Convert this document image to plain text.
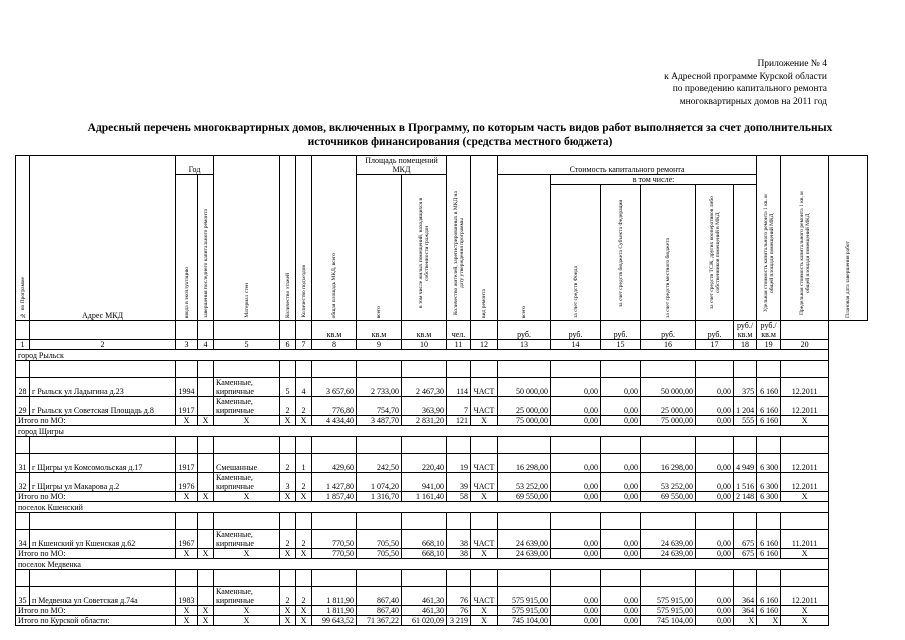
Приложение № 4
к Адресной программе Курской области
по проведению капитального ремонта
многоквартирных домов на 2011 год
Адресный перечень многоквартирных домов, включенных в Программу, по которым часть видов работ выполняется за счет дополнительных
источников финансирования (средства местного бюджета)
№ по Программе	Адрес МКД	Год		Материал стен	Количество этажей	Количество подъездов	общая площадь МКД, всего	Площадь помещений МКД		Количество жителей, зарегистрированных в МКД на дату утверждения программы	вид ремонта	Стоимость капитального ремонта						Удельная стоимость капитального ремонта 1 кв. м общей площади помещений МКД	Предельная стоимость капитального ремонта 1 кв. м общей площади помещений МКД	Плановая дата завершения работ
		ввода в эксплуатацию	завершения последнего капитального ремонта					всего	в том числе жилых помещений, находящихся в собственности граждан			всего	в том числе:							
													за счет средств Фонда	за счет средств бюджета Субъекта Федерации	за счет средств местного бюджета	за счет средств ТСЖ, других кооперативов либо собственников помещений в МКД				
							кв.м	кв.м	кв.м	чел.		руб.	руб.	руб.	руб.	руб.	руб./кв.м	руб./кв.м		
1	2	3	4	5	6	7	8	9	10	11	12	13	14	15	16	17	18	19	20	
город Рыльск																				

28	г Рыльск ул Ладыгина д.23	1994		Каменные, кирпичные	5	4	3 657,60	2 733,00	2 467,30	114	ЧАСТ	50 000,00	0,00	0,00	50 000,00	0,00	375	6 160	12.2011	
29	г Рыльск ул Советская Площадь д.8	1917		Каменные, кирпичные	2	2	776,80	754,70	363,90	7	ЧАСТ	25 000,00	0,00	0,00	25 000,00	0,00	1 204	6 160	12.2011	
Итого по МО:		X	X	X	X	X	4 434,40	3 487,70	2 831,20	121	X	75 000,00	0,00	0,00	75 000,00	0,00	555	6 160	X	
город Щигры																				

31	г Щигры ул Комсомольская д.17	1917		Смешанные	2	1	429,60	242,50	220,40	19	ЧАСТ	16 298,00	0,00	0,00	16 298,00	0,00	4 949	6 300	12.2011	
32	г Щигры ул Макарова д.2	1976		Каменные, кирпичные	3	2	1 427,80	1 074,20	941,00	39	ЧАСТ	53 252,00	0,00	0,00	53 252,00	0,00	1 516	6 300	12.2011	
Итого по МО:		X	X	X	X	X	1 857,40	1 316,70	1 161,40	58	X	69 550,00	0,00	0,00	69 550,00	0,00	2 148	6 300	X	
поселок Кшенский																				

34	п Кшенский ул Кшенская д.62	1967		Каменные, кирпичные	2	2	770,50	705,50	668,10	38	ЧАСТ	24 639,00	0,00	0,00	24 639,00	0,00	675	6 160	11.2011	
Итого по МО:		X	X	X	X	X	770,50	705,50	668,10	38	X	24 639,00	0,00	0,00	24 639,00	0,00	675	6 160	X	
поселок Медвенка																				

35	п Медвенка ул Советская д.74а	1983		Каменные, кирпичные	2	2	1 811,90	867,40	461,30	76	ЧАСТ	575 915,00	0,00	0,00	575 915,00	0,00	364	6 160	12.2011	
Итого по МО:		X	X	X	X	X	1 811,90	867,40	461,30	76	X	575 915,00	0,00	0,00	575 915,00	0,00	364	6 160	X	
Итого по Курской области:		X	X	X	X	X	99 643,52	71 367,22	61 020,09	3 219	X	745 104,00	0,00	0,00	745 104,00	0,00	X	X	X	
